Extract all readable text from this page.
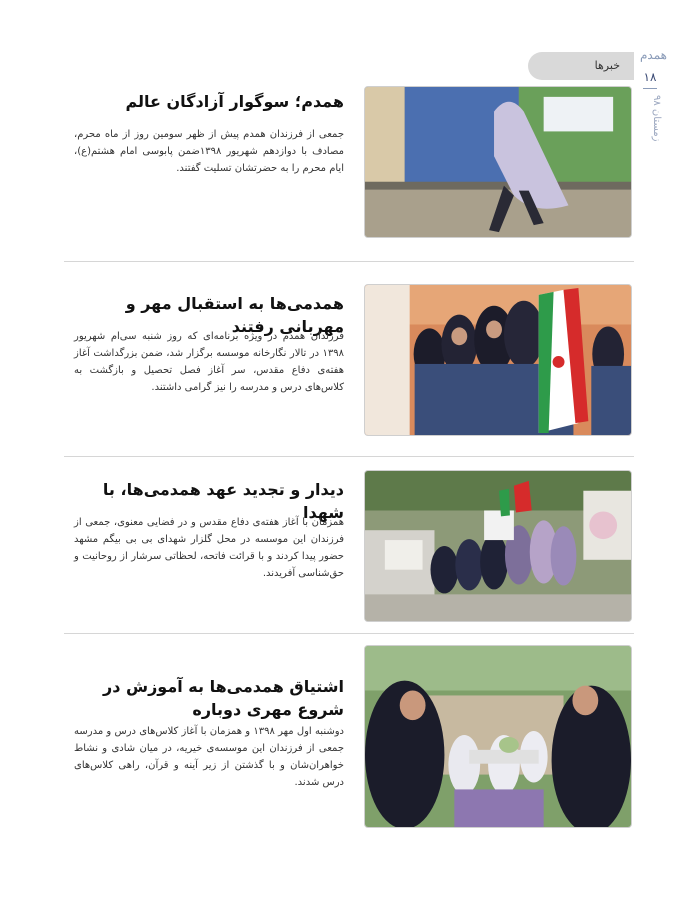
خبرها
همدم
۱۸
زمستان ۹۸
همدم؛ سوگوار آزادگان عالم

جمعی از فرزندان همدم پیش از ظهر سومین روز از ماه محرم، مصادف با دوازدهم شهریور ۱۳۹۸ضمن پابوسی امام هشتم(ع)، ایام محرم را به حضرتشان تسلیت گفتند.

همدمی‌ها به استقبال مهر و مهربانی رفتند

فرزندان همدم در ویژه برنامه‌ای که روز شنبه سی‌ام شهریور ۱۳۹۸ در تالار نگارخانه موسسه برگزار شد، ضمن بزرگداشت آغاز هفته‌ی دفاع مقدس، سر آغاز فصل تحصیل و بازگشت به کلاس‌های درس و مدرسه را نیز گرامی داشتند.

دیدار و تجدید عهد همدمی‌ها، با شهدا

همزمان با آغاز هفته‌ی دفاع مقدس و در فضایی معنوی، جمعی از فرزندان این موسسه در محل گلزار شهدای بی بی بیگم مشهد حضور پیدا کردند و با قرائت فاتحه، لحظاتی سرشار از روحانیت و حق‌شناسی آفریدند.

اشتیاق همدمی‌ها به آموزش در شروع مهری دوباره

دوشنبه اول مهر ۱۳۹۸ و همزمان با آغاز کلاس‌های درس و مدرسه جمعی از فرزندان این موسسه‌ی خیریه، در میان شادی و نشاط خواهران‌شان و با گذشتن از زیر آینه و قرآن، راهی کلاس‌های درس شدند.
